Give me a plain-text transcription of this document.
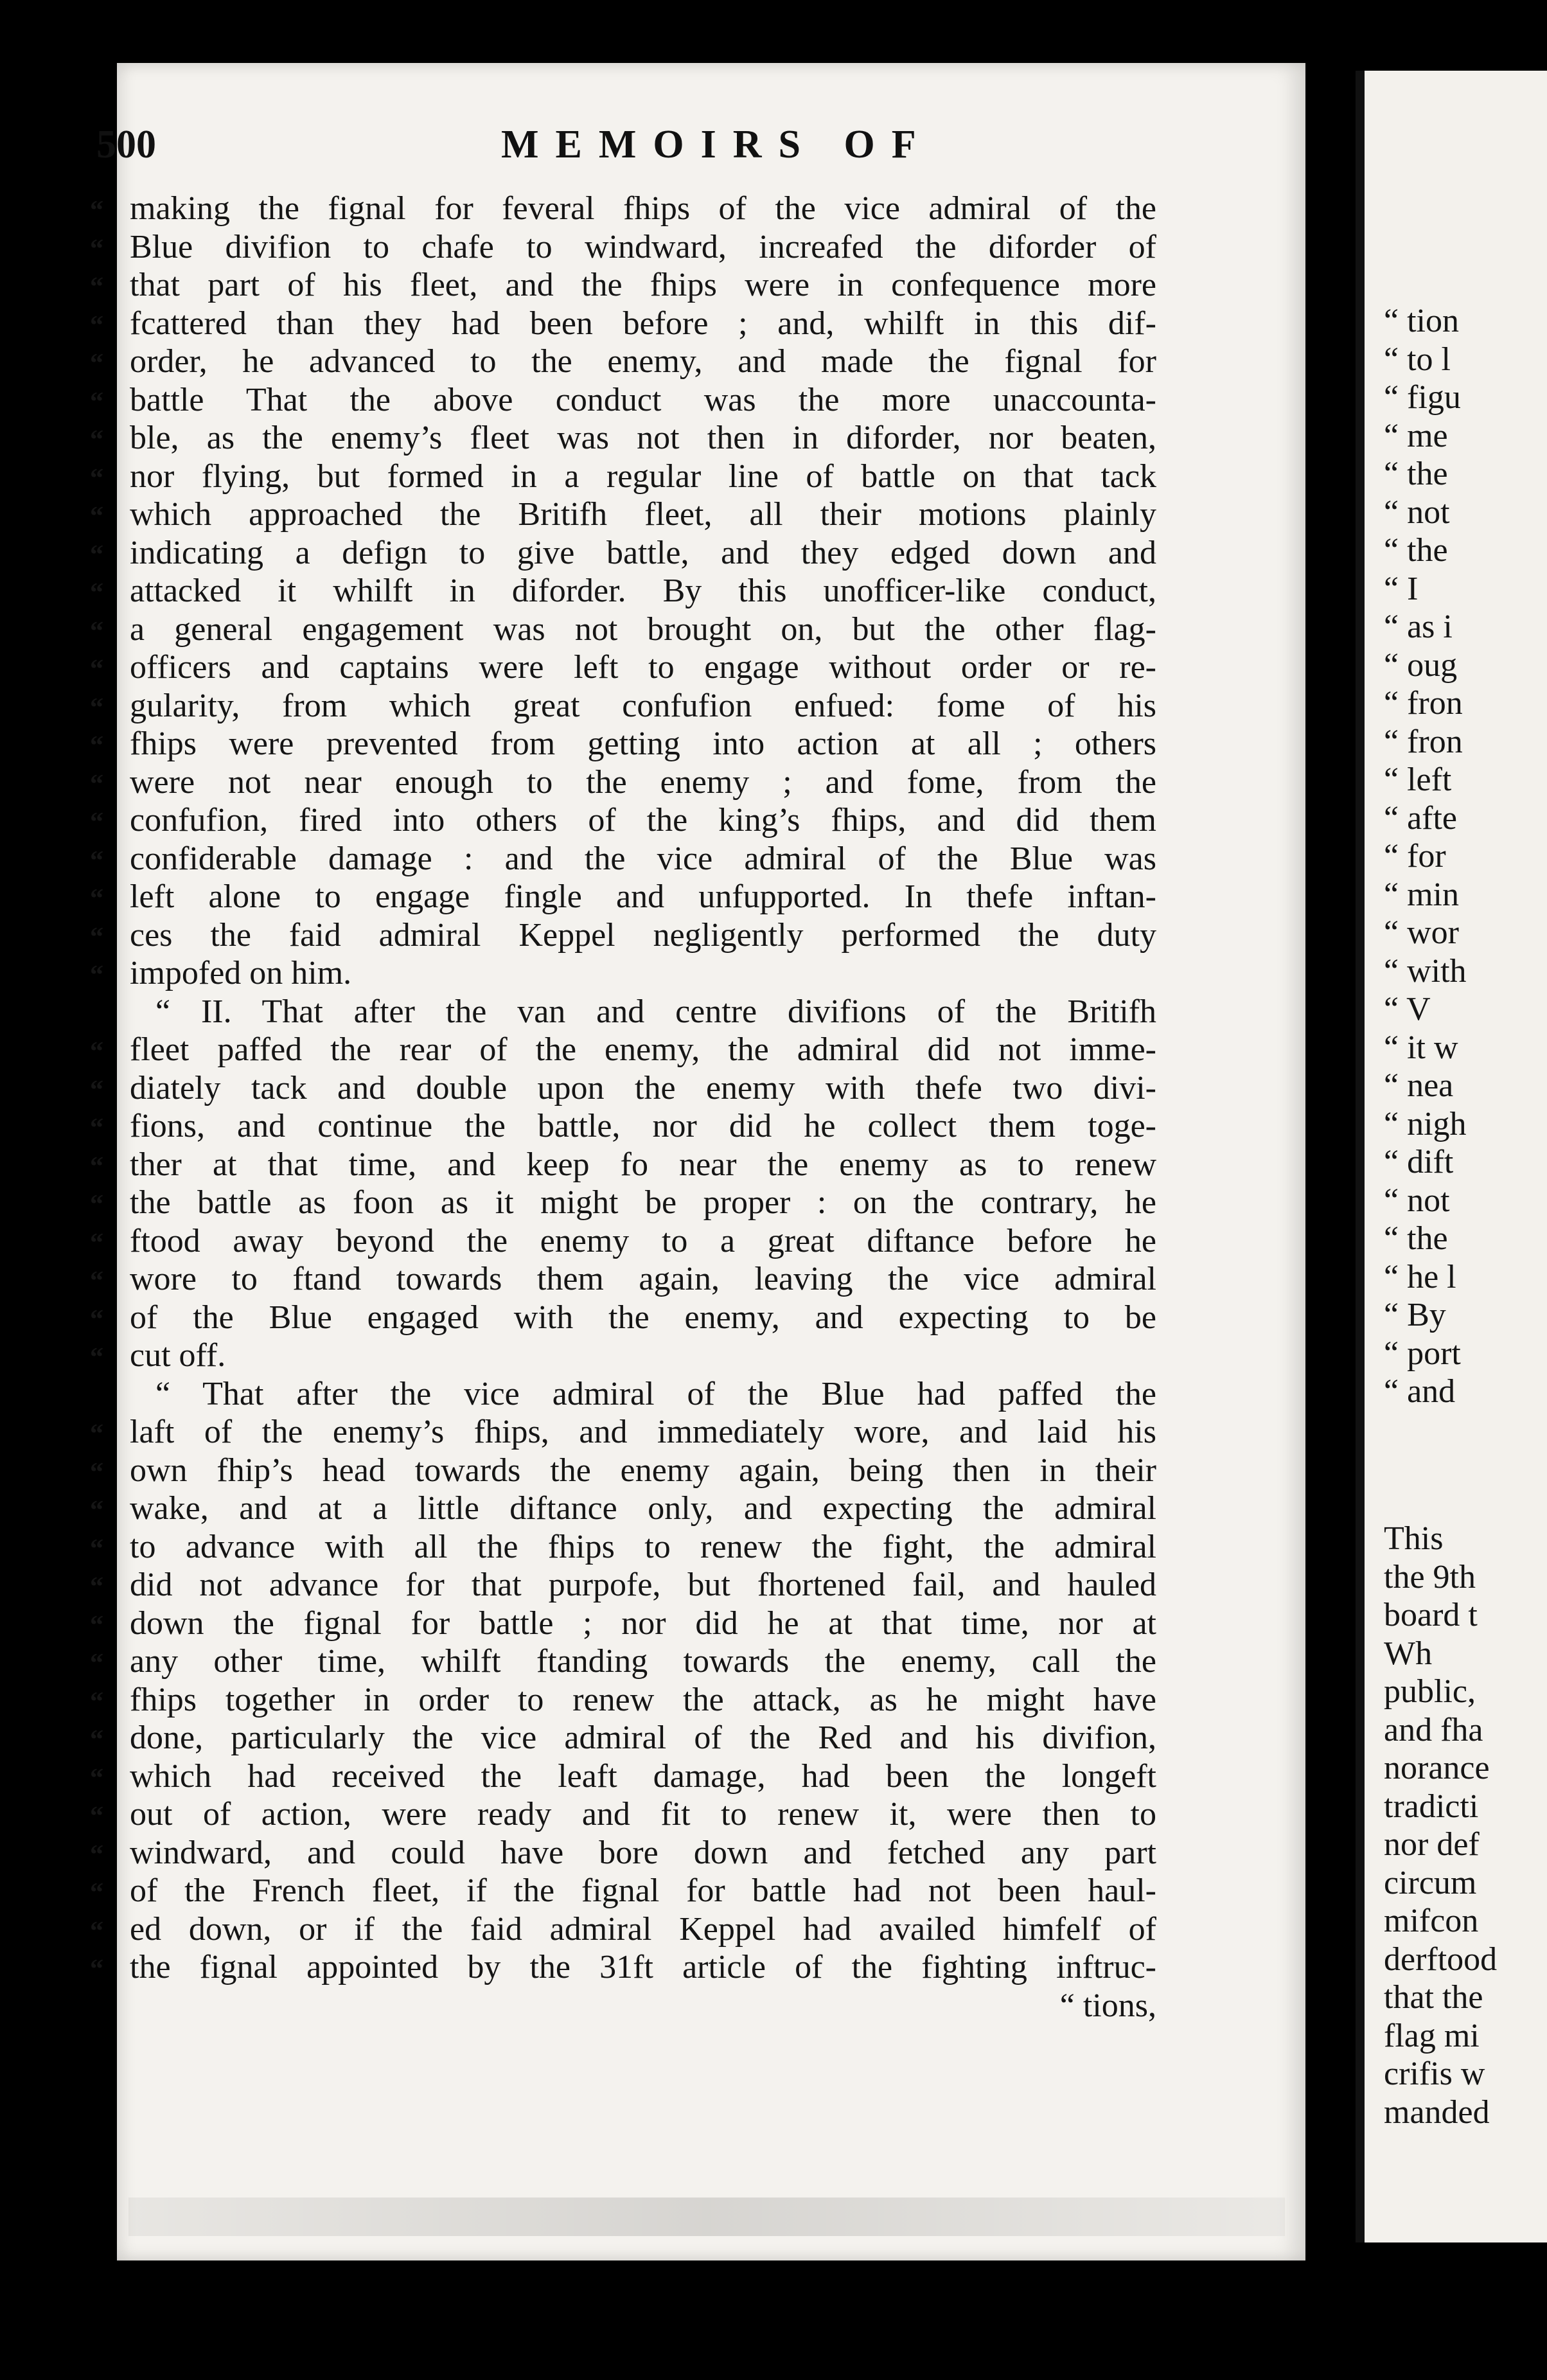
“ tion
“ to l
“ figu
“ me
“ the
“ not
“ the
“ I
“ as i
“ oug
“ fron
“ fron
“ left
“ afte
“ for
“ min
“ wor
“ with
“ V
“ it w
“ nea
“ nigh
“ dift
“ not
“ the
“ he l
“ By
“ port
“ and
This
the 9th
board t
Wh
public,
and fha
norance
tradicti
nor def
circum
mifcon
derftood
that the
flag mi
crifis w
manded
500	MEMOIRS OF
“ making the fignal for feveral fhips of the vice admiral of the
“ Blue divifion to chafe to windward, increafed the diforder of
“ that part of his fleet, and the fhips were in confequence more
“ fcattered than they had been before ; and, whilft in this dif-
“ order, he advanced to the enemy, and made the fignal for
“ battle That the above conduct was the more unaccounta-
“ ble, as the enemy’s fleet was not then in diforder, nor beaten,
“ nor flying, but formed in a regular line of battle on that tack
“ which approached the Britifh fleet, all their motions plainly
“ indicating a defign to give battle, and they edged down and
“ attacked it whilft in diforder. By this unofficer-like conduct,
“ a general engagement was not brought on, but the other flag-
“ officers and captains were left to engage without order or re-
“ gularity, from which great confufion enfued: fome of his
“ fhips were prevented from getting into action at all ; others
“ were not near enough to the enemy ; and fome, from the
“ confufion, fired into others of the king’s fhips, and did them
“ confiderable damage : and the vice admiral of the Blue was
“ left alone to engage fingle and unfupported. In thefe inftan-
“ ces the faid admiral Keppel negligently performed the duty
“ impofed on him.
“ II. That after the van and centre divifions of the Britifh
“ fleet paffed the rear of the enemy, the admiral did not imme-
“ diately tack and double upon the enemy with thefe two divi-
“ fions, and continue the battle, nor did he collect them toge-
“ ther at that time, and keep fo near the enemy as to renew
“ the battle as foon as it might be proper : on the contrary, he
“ ftood away beyond the enemy to a great diftance before he
“ wore to ftand towards them again, leaving the vice admiral
“ of the Blue engaged with the enemy, and expecting to be
“ cut off.
“ That after the vice admiral of the Blue had paffed the
“ laft of the enemy’s fhips, and immediately wore, and laid his
“ own fhip’s head towards the enemy again, being then in their
“ wake, and at a little diftance only, and expecting the admiral
“ to advance with all the fhips to renew the fight, the admiral
“ did not advance for that purpofe, but fhortened fail, and hauled
“ down the fignal for battle ; nor did he at that time, nor at
“ any other time, whilft ftanding towards the enemy, call the
“ fhips together in order to renew the attack, as he might have
“ done, particularly the vice admiral of the Red and his divifion,
“ which had received the leaft damage, had been the longeft
“ out of action, were ready and fit to renew it, were then to
“ windward, and could have bore down and fetched any part
“ of the French fleet, if the fignal for battle had not been haul-
“ ed down, or if the faid admiral Keppel had availed himfelf of
“ the fignal appointed by the 31ft article of the fighting inftruc-
“ tions,
